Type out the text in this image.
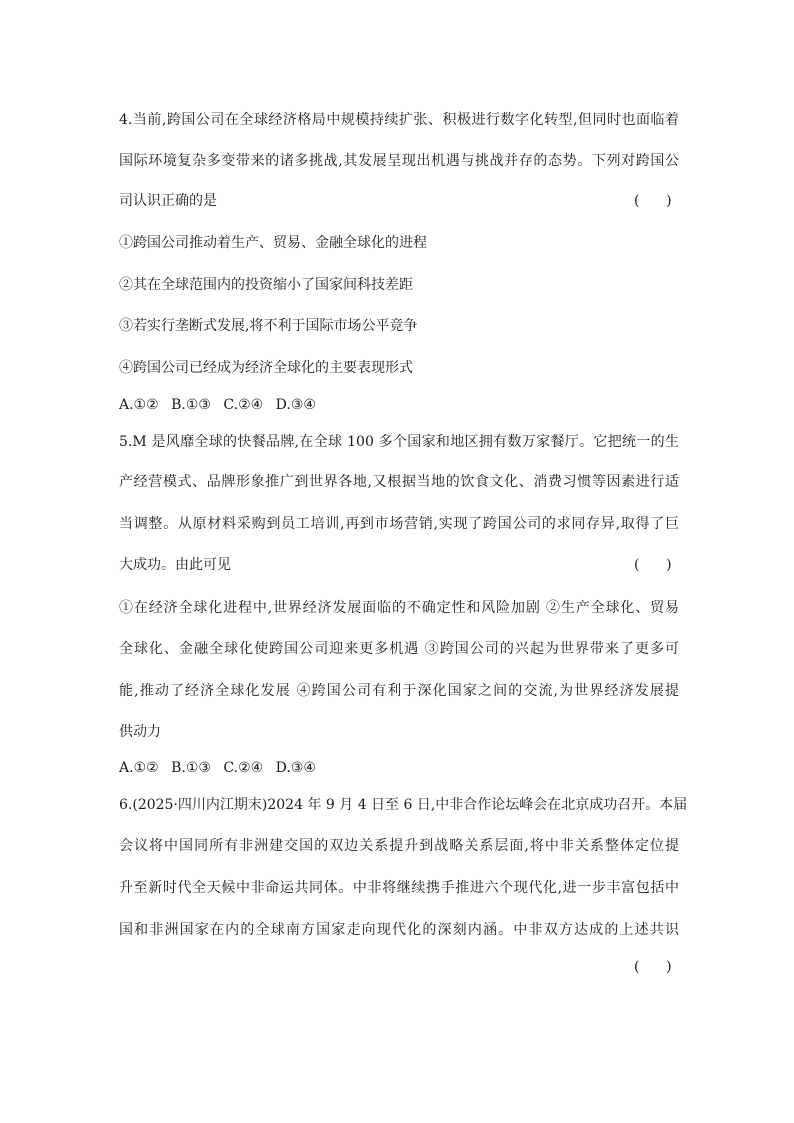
4.当前,跨国公司在全球经济格局中规模持续扩张、积极进行数字化转型,但同时也面临着
国际环境复杂多变带来的诸多挑战,其发展呈现出机遇与挑战并存的态势。下列对跨国公
司认识正确的是	(      )
①跨国公司推动着生产、贸易、金融全球化的进程
②其在全球范围内的投资缩小了国家间科技差距
③若实行垄断式发展,将不利于国际市场公平竞争
④跨国公司已经成为经济全球化的主要表现形式
A.①② B.①③ C.②④ D.③④
5.M 是风靡全球的快餐品牌,在全球 100 多个国家和地区拥有数万家餐厅。它把统一的生
产经营模式、品牌形象推广到世界各地,又根据当地的饮食文化、消费习惯等因素进行适
当调整。从原材料采购到员工培训,再到市场营销,实现了跨国公司的求同存异,取得了巨
大成功。由此可见	(      )
①在经济全球化进程中,世界经济发展面临的不确定性和风险加剧 ②生产全球化、贸易
全球化、金融全球化使跨国公司迎来更多机遇 ③跨国公司的兴起为世界带来了更多可
能,推动了经济全球化发展 ④跨国公司有利于深化国家之间的交流,为世界经济发展提
供动力
A.①② B.①③ C.②④ D.③④
6.(2025·四川内江期末)2024 年 9 月 4 日至 6 日,中非合作论坛峰会在北京成功召开。本届
会议将中国同所有非洲建交国的双边关系提升到战略关系层面,将中非关系整体定位提
升至新时代全天候中非命运共同体。中非将继续携手推进六个现代化,进一步丰富包括中
国和非洲国家在内的全球南方国家走向现代化的深刻内涵。中非双方达成的上述共识
(      )
